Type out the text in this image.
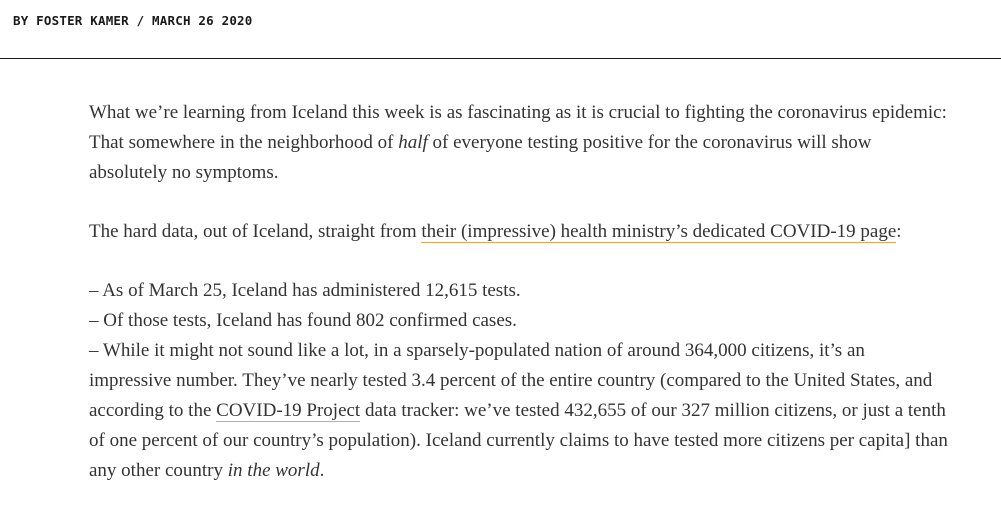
BY FOSTER KAMER / MARCH 26 2020

What we’re learning from Iceland this week is as fascinating as it is crucial to fighting the coronavirus epidemic: That somewhere in the neighborhood of half of everyone testing positive for the coronavirus will show absolutely no symptoms.

The hard data, out of Iceland, straight from their (impressive) health ministry’s dedicated COVID-19 page:

– As of March 25, Iceland has administered 12,615 tests.

– Of those tests, Iceland has found 802 confirmed cases.

– While it might not sound like a lot, in a sparsely-populated nation of around 364,000 citizens, it’s an impressive number. They’ve nearly tested 3.4 percent of the entire country (compared to the United States, and according to the COVID-19 Project data tracker: we’ve tested 432,655 of our 327 million citizens, or just a tenth of one percent of our country’s population). Iceland currently claims to have tested more citizens per capita] than any other country in the world.
